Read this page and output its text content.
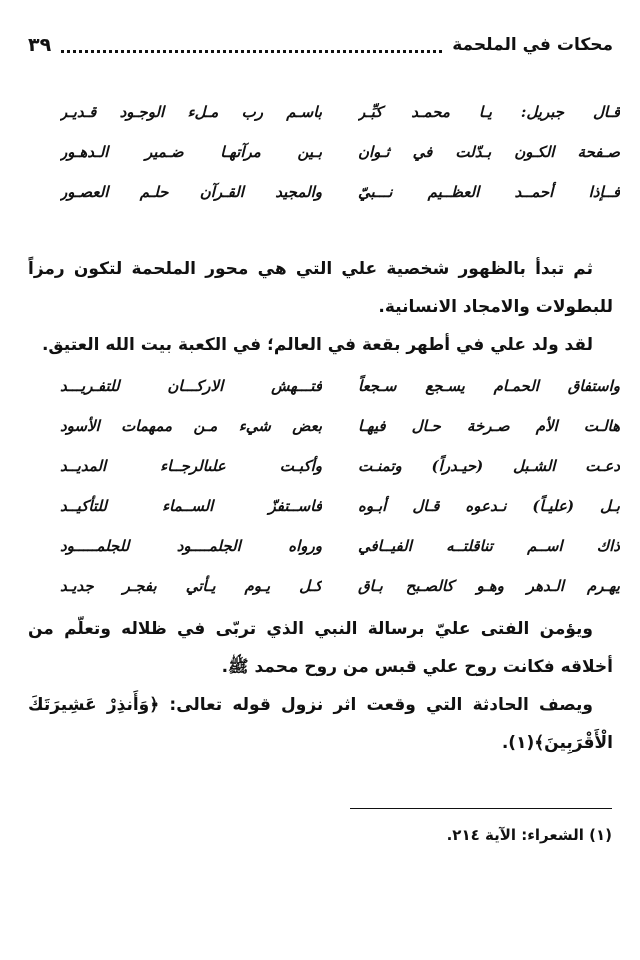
محكات في الملحمة
٣٩
قـال جبريل: يـا محمـد كبِّـر
باسـم رب مـلء الوجـود قـديـر
صـفحة الكـون بـدّلت في ثـوان
بـين مرآتهـا ضـمير الـدهـور
فــإذا أحمــد العظــيم نـــبيّ
والمجيد القـرآن حلـم العصـور

ثم تبدأ بالظهور شخصية علي التي هي محور الملحمة لتكون رمزاً للبطولات والامجاد الانسانية.

لقد ولد علي في أطهر بقعة في العالم؛ في الكعبة بيت الله العتيق.

واستفاق الحمـام يسـجع سـجعاً
فتـــهش الاركـــان للتفـريـــد
هالـت الأم صـرخة حـال فيهـا
بعض شيء مـن ممهمات الأسود
دعـت الشـبل (حيـدراً) وتمنـت
وأكبـت علىالرجــاء المديــد
بـل (عليـاً) نـدعوه قـال أبـوه
فاســتفزّ الســماء للتأكيــد
ذاك اســم تناقلتــه الفيــافي
ورواه الجلمــــود للجلمـــــود
يهـرم الـدهر وهـو كالصـبح بـاق
كـل يـوم يـأتي بفجـر جديـد

ويؤمن الفتى عليّ برسالة النبي الذي تربّى في ظلاله وتعلّم من أخلاقه فكانت روح علي قبس من روح محمد ﷺ.

ويصف الحادثة التي وقعت اثر نزول قوله تعالى: ﴿وَأَنذِرْ عَشِيرَتَكَ الْأَقْرَبِينَ﴾(١).

(١) الشعراء: الآية ٢١٤.
